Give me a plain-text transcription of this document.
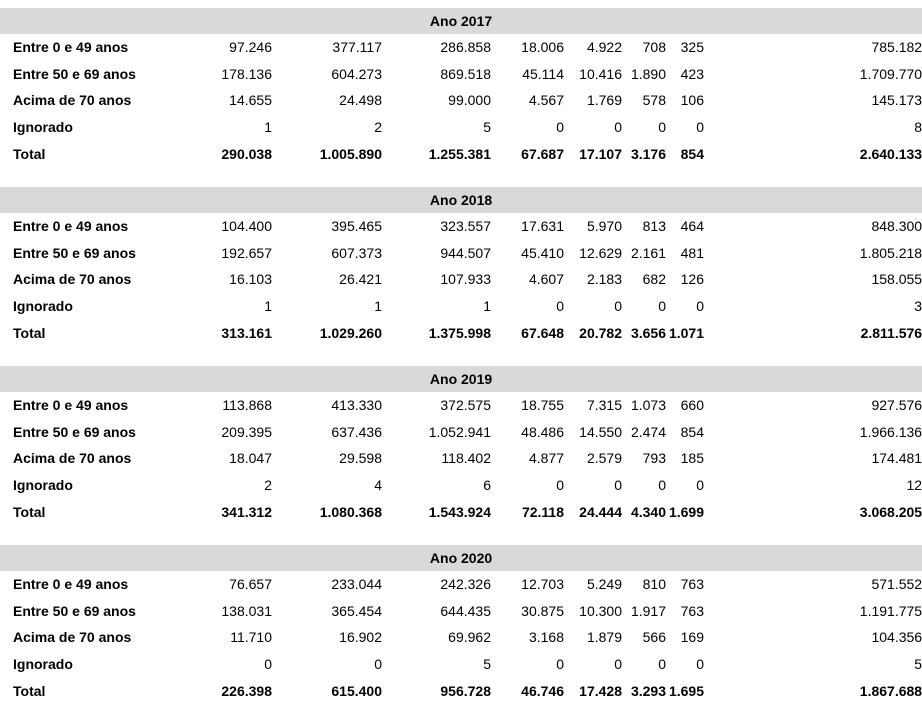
Ano 2017								
Entre 0 e 49 anos	97.246	377.117	286.858	18.006	4.922	708	325	785.182
Entre 50 e 69 anos	178.136	604.273	869.518	45.114	10.416	1.890	423	1.709.770
Acima de 70 anos	14.655	24.498	99.000	4.567	1.769	578	106	145.173
Ignorado	1	2	5	0	0	0	0	8
Total	290.038	1.005.890	1.255.381	67.687	17.107	3.176	854	2.640.133
Ano 2018								
Entre 0 e 49 anos	104.400	395.465	323.557	17.631	5.970	813	464	848.300
Entre 50 e 69 anos	192.657	607.373	944.507	45.410	12.629	2.161	481	1.805.218
Acima de 70 anos	16.103	26.421	107.933	4.607	2.183	682	126	158.055
Ignorado	1	1	1	0	0	0	0	3
Total	313.161	1.029.260	1.375.998	67.648	20.782	3.656	1.071	2.811.576
Ano 2019								
Entre 0 e 49 anos	113.868	413.330	372.575	18.755	7.315	1.073	660	927.576
Entre 50 e 69 anos	209.395	637.436	1.052.941	48.486	14.550	2.474	854	1.966.136
Acima de 70 anos	18.047	29.598	118.402	4.877	2.579	793	185	174.481
Ignorado	2	4	6	0	0	0	0	12
Total	341.312	1.080.368	1.543.924	72.118	24.444	4.340	1.699	3.068.205
Ano 2020								
Entre 0 e 49 anos	76.657	233.044	242.326	12.703	5.249	810	763	571.552
Entre 50 e 69 anos	138.031	365.454	644.435	30.875	10.300	1.917	763	1.191.775
Acima de 70 anos	11.710	16.902	69.962	3.168	1.879	566	169	104.356
Ignorado	0	0	5	0	0	0	0	5
Total	226.398	615.400	956.728	46.746	17.428	3.293	1.695	1.867.688
